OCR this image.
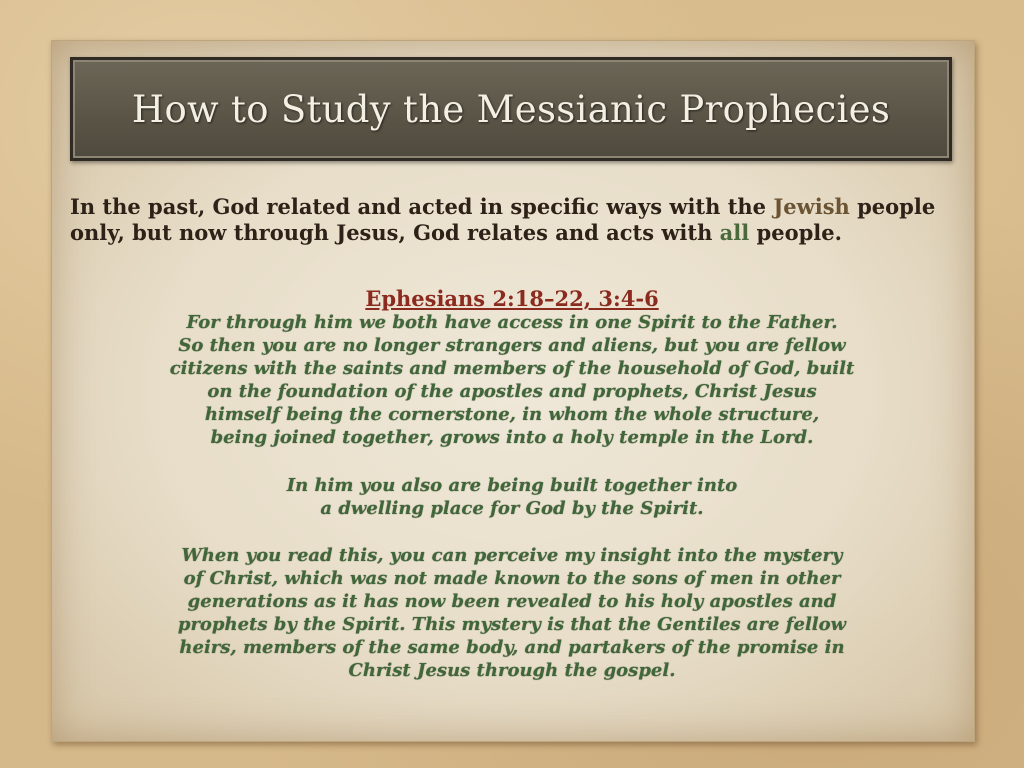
How to Study the Messianic Prophecies
In the past, God related and acted in specific ways with the Jewish people only, but now through Jesus, God relates and acts with all people.
Ephesians 2:18–22, 3:4-6
For through him we both have access in one Spirit to the Father.
So then you are no longer strangers and aliens, but you are fellow
citizens with the saints and members of the household of God, built
on the foundation of the apostles and prophets, Christ Jesus
himself being the cornerstone, in whom the whole structure,
being joined together, grows into a holy temple in the Lord.
In him you also are being built together into
a dwelling place for God by the Spirit.
When you read this, you can perceive my insight into the mystery
of Christ, which was not made known to the sons of men in other
generations as it has now been revealed to his holy apostles and
prophets by the Spirit. This mystery is that the Gentiles are fellow
heirs, members of the same body, and partakers of the promise in
Christ Jesus through the gospel.
